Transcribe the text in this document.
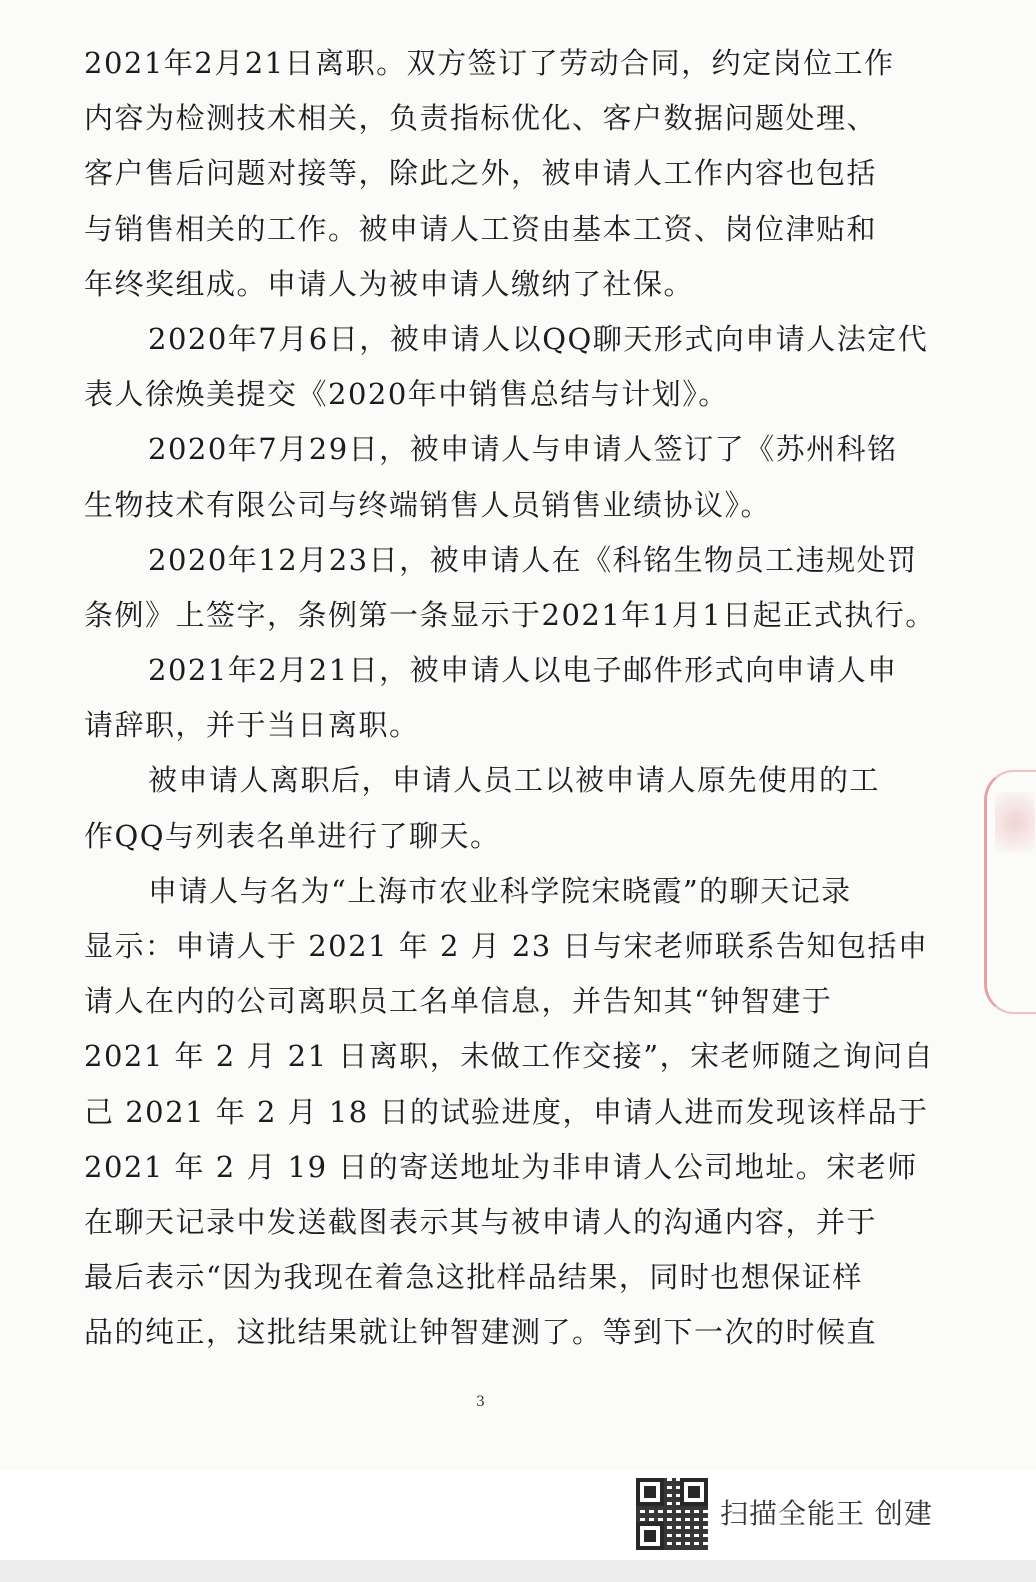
2021年2月21日离职。双方签订了劳动合同，约定岗位工作
内容为检测技术相关，负责指标优化、客户数据问题处理、
客户售后问题对接等，除此之外，被申请人工作内容也包括
与销售相关的工作。被申请人工资由基本工资、岗位津贴和
年终奖组成。申请人为被申请人缴纳了社保。
2020年7月6日，被申请人以QQ聊天形式向申请人法定代
表人徐焕美提交《2020年中销售总结与计划》。
2020年7月29日，被申请人与申请人签订了《苏州科铭
生物技术有限公司与终端销售人员销售业绩协议》。
2020年12月23日，被申请人在《科铭生物员工违规处罚
条例》上签字，条例第一条显示于2021年1月1日起正式执行。
2021年2月21日，被申请人以电子邮件形式向申请人申
请辞职，并于当日离职。
被申请人离职后，申请人员工以被申请人原先使用的工
作QQ与列表名单进行了聊天。
申请人与名为“上海市农业科学院宋晓霞”的聊天记录
显示：申请人于 2021 年 2 月 23 日与宋老师联系告知包括申
请人在内的公司离职员工名单信息，并告知其“钟智建于
2021 年 2 月 21 日离职，未做工作交接”，宋老师随之询问自
己 2021 年 2 月 18 日的试验进度，申请人进而发现该样品于
2021 年 2 月 19 日的寄送地址为非申请人公司地址。宋老师
在聊天记录中发送截图表示其与被申请人的沟通内容，并于
最后表示“因为我现在着急这批样品结果，同时也想保证样
品的纯正，这批结果就让钟智建测了。等到下一次的时候直
3
扫描全能王 创建
